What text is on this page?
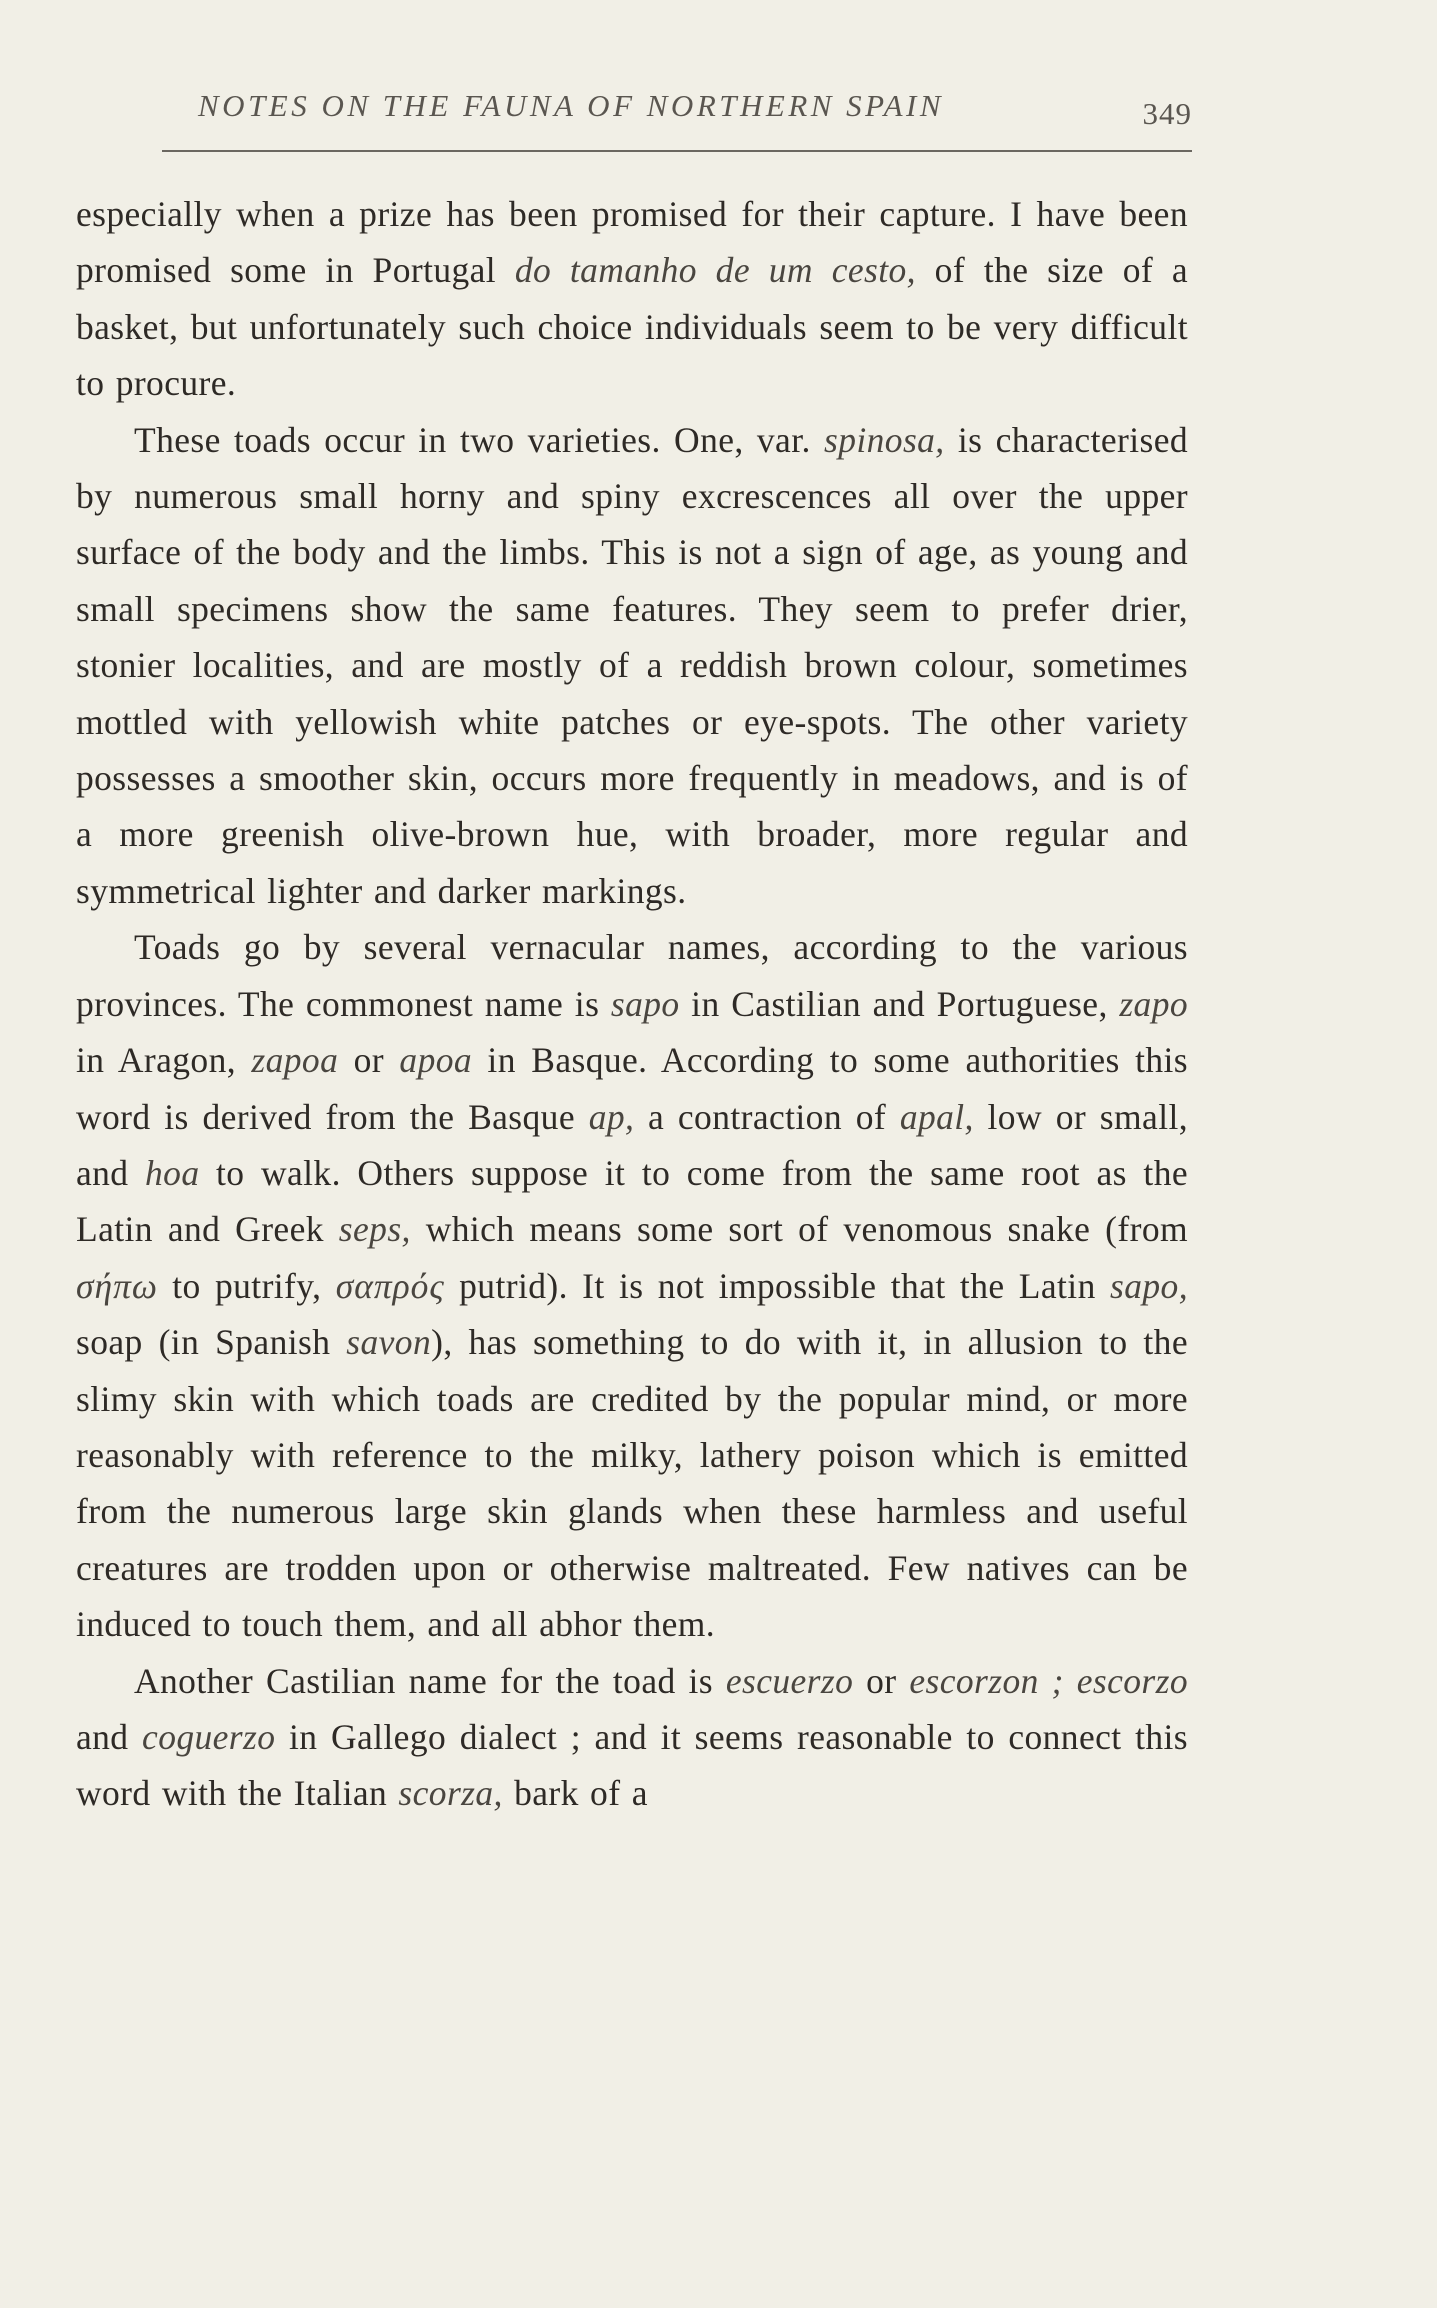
NOTES ON THE FAUNA OF NORTHERN SPAIN	349

especially when a prize has been promised for their capture. I have been promised some in Portugal do tamanho de um cesto, of the size of a basket, but unfortunately such choice individuals seem to be very difficult to procure.

These toads occur in two varieties. One, var. spinosa, is characterised by numerous small horny and spiny excrescences all over the upper surface of the body and the limbs. This is not a sign of age, as young and small specimens show the same features. They seem to prefer drier, stonier localities, and are mostly of a reddish brown colour, sometimes mottled with yellowish white patches or eye-spots. The other variety possesses a smoother skin, occurs more frequently in meadows, and is of a more greenish olive-brown hue, with broader, more regular and symmetrical lighter and darker markings.

Toads go by several vernacular names, according to the various provinces. The commonest name is sapo in Castilian and Portuguese, zapo in Aragon, zapoa or apoa in Basque. According to some authorities this word is derived from the Basque ap, a contraction of apal, low or small, and hoa to walk. Others suppose it to come from the same root as the Latin and Greek seps, which means some sort of venomous snake (from σήπω to putrify, σαπρός putrid). It is not impossible that the Latin sapo, soap (in Spanish savon), has something to do with it, in allusion to the slimy skin with which toads are credited by the popular mind, or more reasonably with reference to the milky, lathery poison which is emitted from the numerous large skin glands when these harmless and useful creatures are trodden upon or otherwise maltreated. Few natives can be induced to touch them, and all abhor them.

Another Castilian name for the toad is escuerzo or escorzon ; escorzo and coguerzo in Gallego dialect ; and it seems reasonable to connect this word with the Italian scorza, bark of a
